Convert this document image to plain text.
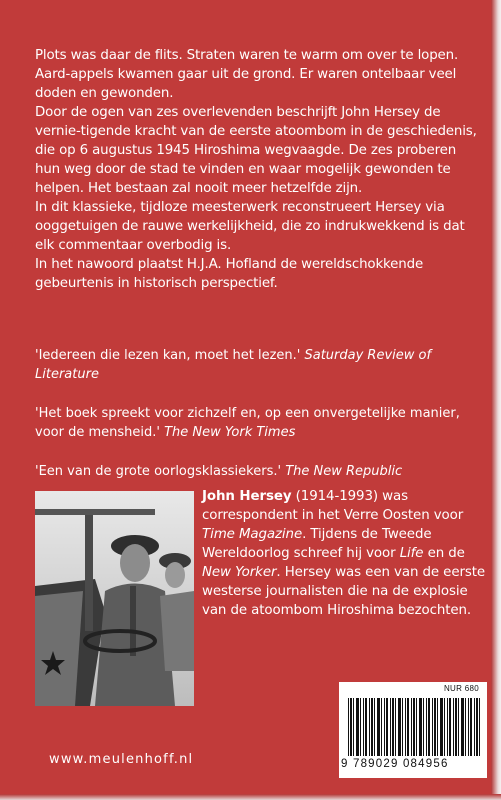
Plots was daar de flits. Straten waren te warm om over te lopen. Aard-appels kwamen gaar uit de grond. Er waren ontelbaar veel doden en gewonden.

Door de ogen van zes overlevenden beschrijft John Hersey de vernie-tigende kracht van de eerste atoombom in de geschiedenis, die op 6 augustus 1945 Hiroshima wegvaagde. De zes proberen hun weg door de stad te vinden en waar mogelijk gewonden te helpen. Het bestaan zal nooit meer hetzelfde zijn.

In dit klassieke, tijdloze meesterwerk reconstrueert Hersey via ooggetuigen de rauwe werkelijkheid, die zo indrukwekkend is dat elk commentaar overbodig is.

In het nawoord plaatst H.J.A. Hofland de wereldschokkende gebeurtenis in historisch perspectief.

'Iedereen die lezen kan, moet het lezen.' Saturday Review of Literature

'Het boek spreekt voor zichzelf en, op een onvergetelijke manier, voor de mensheid.' The New York Times

'Een van de grote oorlogsklassiekers.' The New Republic

John Hersey (1914-1993) was correspondent in het Verre Oosten voor Time Magazine. Tijdens de Tweede Wereldoorlog schreef hij voor Life en de New Yorker. Hersey was een van de eerste westerse journalisten die na de explosie van de atoombom Hiroshima bezochten.

NUR 680
9 789029 084956
www.meulenhoff.nl
